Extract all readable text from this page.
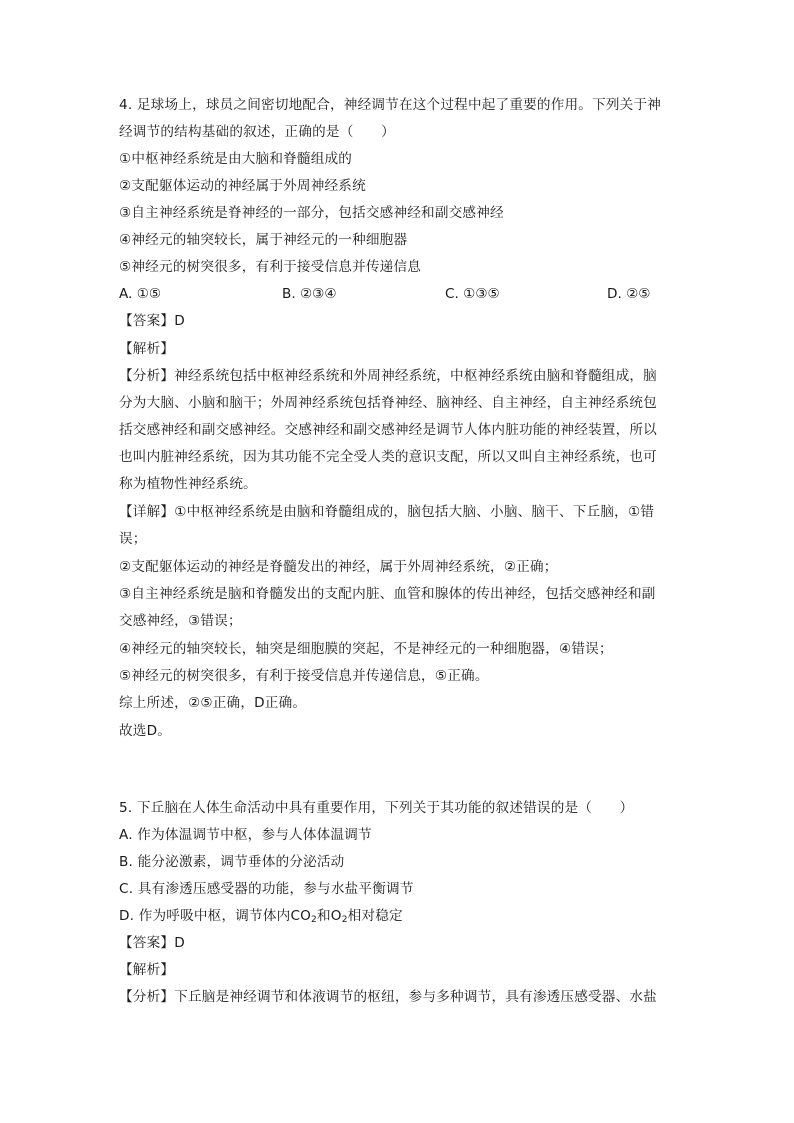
4. 足球场上，球员之间密切地配合，神经调节在这个过程中起了重要的作用。下列关于神
经调节的结构基础的叙述，正确的是（　　）
①中枢神经系统是由大脑和脊髓组成的
②支配躯体运动的神经属于外周神经系统
③自主神经系统是脊神经的一部分，包括交感神经和副交感神经
④神经元的轴突较长，属于神经元的一种细胞器
⑤神经元的树突很多，有利于接受信息并传递信息
A. ①⑤	B. ②③④	C. ①③⑤	D. ②⑤
【答案】D
【解析】
【分析】神经系统包括中枢神经系统和外周神经系统，中枢神经系统由脑和脊髓组成，脑
分为大脑、小脑和脑干；外周神经系统包括脊神经、脑神经、自主神经，自主神经系统包
括交感神经和副交感神经。交感神经和副交感神经是调节人体内脏功能的神经装置，所以
也叫内脏神经系统，因为其功能不完全受人类的意识支配，所以又叫自主神经系统，也可
称为植物性神经系统。
【详解】①中枢神经系统是由脑和脊髓组成的，脑包括大脑、小脑、脑干、下丘脑，①错
误；
②支配躯体运动的神经是脊髓发出的神经，属于外周神经系统，②正确；
③自主神经系统是脑和脊髓发出的支配内脏、血管和腺体的传出神经，包括交感神经和副
交感神经，③错误；
④神经元的轴突较长，轴突是细胞膜的突起，不是神经元的一种细胞器，④错误；
⑤神经元的树突很多，有利于接受信息并传递信息，⑤正确。
综上所述，②⑤正确，D正确。
故选D。
5. 下丘脑在人体生命活动中具有重要作用，下列关于其功能的叙述错误的是（　　）
A. 作为体温调节中枢，参与人体体温调节
B. 能分泌激素，调节垂体的分泌活动
C. 具有渗透压感受器的功能，参与水盐平衡调节
D. 作为呼吸中枢，调节体内$CO_2$和$O_2$相对稳定
【答案】D
【解析】
【分析】下丘脑是神经调节和体液调节的枢纽，参与多种调节，具有渗透压感受器、水盐
